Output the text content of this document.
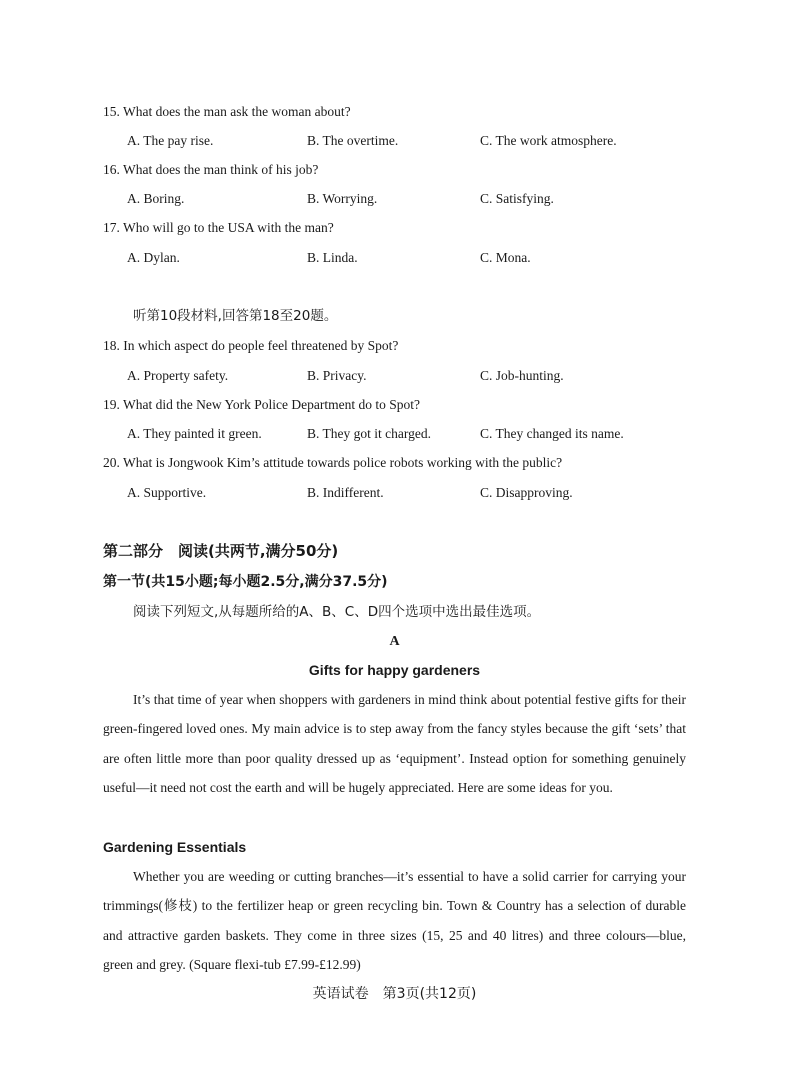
15. What does the man ask the woman about?
A. The pay rise.	B. The overtime.	C. The work atmosphere.
16. What does the man think of his job?
A. Boring.	B. Worrying.	C. Satisfying.
17. Who will go to the USA with the man?
A. Dylan.	B. Linda.	C. Mona.
听第10段材料,回答第18至20题。
18. In which aspect do people feel threatened by Spot?
A. Property safety.	B. Privacy.	C. Job-hunting.
19. What did the New York Police Department do to Spot?
A. They painted it green.	B. They got it charged.	C. They changed its name.
20. What is Jongwook Kim’s attitude towards police robots working with the public?
A. Supportive.	B. Indifferent.	C. Disapproving.
第二部分　阅读(共两节,满分50分)
第一节(共15小题;每小题2.5分,满分37.5分)
阅读下列短文,从每题所给的A、B、C、D四个选项中选出最佳选项。
A
Gifts for happy gardeners

It’s that time of year when shoppers with gardeners in mind think about potential festive gifts for their green-fingered loved ones. My main advice is to step away from the fancy styles because the gift ‘sets’ that are often little more than poor quality dressed up as ‘equipment’. Instead option for something genuinely useful—it need not cost the earth and will be hugely appreciated. Here are some ideas for you.

Gardening Essentials

Whether you are weeding or cutting branches—it’s essential to have a solid carrier for carrying your trimmings(修枝) to the fertilizer heap or green recycling bin. Town & Country has a selection of durable and attractive garden baskets. They come in three sizes (15, 25 and 40 litres) and three colours—blue, green and grey. (Square flexi-tub £7.99-£12.99)

英语试卷　第3页(共12页)
